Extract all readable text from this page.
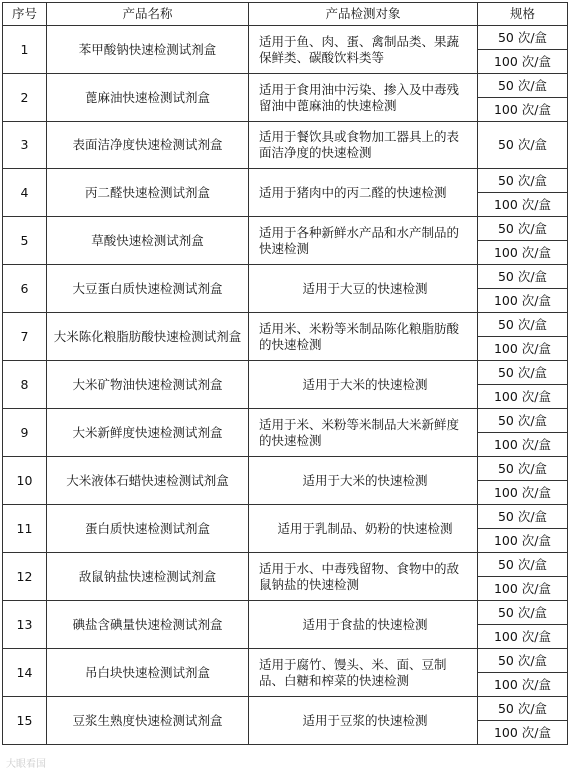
序号	产品名称	产品检测对象	规格
1	苯甲酸钠快速检测试剂盒	适用于鱼、肉、蛋、禽制品类、果蔬保鲜类、碳酸饮料类等	50 次/盒
			100 次/盒
2	蓖麻油快速检测试剂盒	适用于食用油中污染、掺入及中毒残留油中蓖麻油的快速检测	50 次/盒
			100 次/盒
3	表面洁净度快速检测试剂盒	适用于餐饮具或食物加工器具上的表面洁净度的快速检测	50 次/盒
4	丙二醛快速检测试剂盒	适用于猪肉中的丙二醛的快速检测	50 次/盒
			100 次/盒
5	草酸快速检测试剂盒	适用于各种新鲜水产品和水产制品的快速检测	50 次/盒
			100 次/盒
6	大豆蛋白质快速检测试剂盒	适用于大豆的快速检测	50 次/盒
			100 次/盒
7	大米陈化粮脂肪酸快速检测试剂盒	适用米、米粉等米制品陈化粮脂肪酸的快速检测	50 次/盒
			100 次/盒
8	大米矿物油快速检测试剂盒	适用于大米的快速检测	50 次/盒
			100 次/盒
9	大米新鲜度快速检测试剂盒	适用于米、米粉等米制品大米新鲜度的快速检测	50 次/盒
			100 次/盒
10	大米液体石蜡快速检测试剂盒	适用于大米的快速检测	50 次/盒
			100 次/盒
11	蛋白质快速检测试剂盒	适用于乳制品、奶粉的快速检测	50 次/盒
			100 次/盒
12	敌鼠钠盐快速检测试剂盒	适用于水、中毒残留物、食物中的敌鼠钠盐的快速检测	50 次/盒
			100 次/盒
13	碘盐含碘量快速检测试剂盒	适用于食盐的快速检测	50 次/盒
			100 次/盒
14	吊白块快速检测试剂盒	适用于腐竹、馒头、米、面、豆制品、白糖和榨菜的快速检测	50 次/盒
			100 次/盒
15	豆浆生熟度快速检测试剂盒	适用于豆浆的快速检测	50 次/盒
			100 次/盒
大眼看国
